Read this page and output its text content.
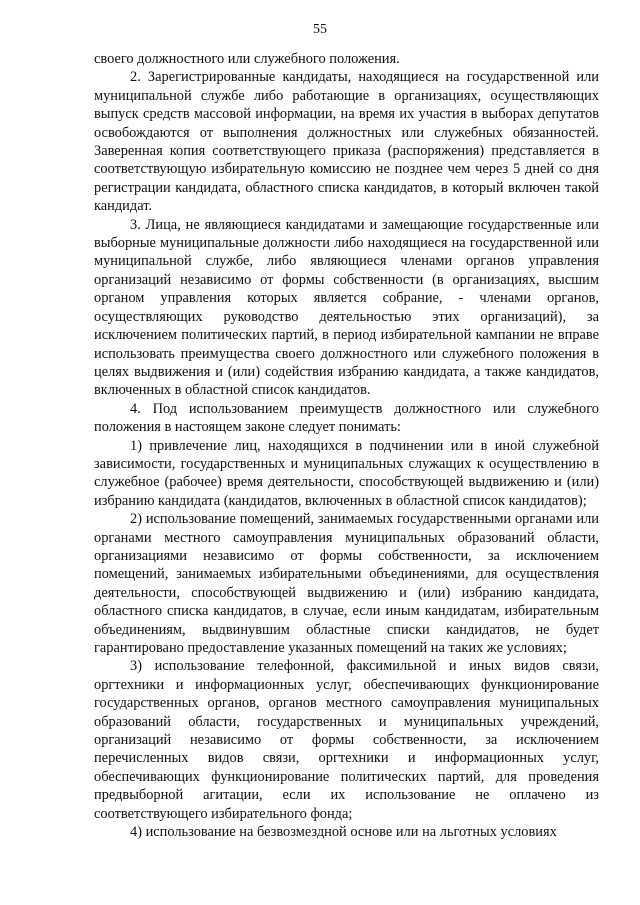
55

своего должностного или служебного положения.

2. Зарегистрированные кандидаты, находящиеся на государственной или муниципальной службе либо работающие в организациях, осуществляющих выпуск средств массовой информации, на время их участия в выборах депутатов освобождаются от выполнения должностных или служебных обязанностей. Заверенная копия соответствующего приказа (распоряжения) представляется в соответствующую избирательную комиссию не позднее чем через 5 дней со дня регистрации кандидата, областного списка кандидатов, в который включен такой кандидат.

3. Лица, не являющиеся кандидатами и замещающие государственные или выборные муниципальные должности либо находящиеся на государственной или муниципальной службе, либо являющиеся членами органов управления организаций независимо от формы собственности (в организациях, высшим органом управления которых является собрание, - членами органов, осуществляющих руководство деятельностью этих организаций), за исключением политических партий, в период избирательной кампании не вправе использовать преимущества своего должностного или служебного положения в целях выдвижения и (или) содействия избранию кандидата, а также кандидатов, включенных в областной список кандидатов.

4. Под использованием преимуществ должностного или служебного положения в настоящем законе следует понимать:

1) привлечение лиц, находящихся в подчинении или в иной служебной зависимости, государственных и муниципальных служащих к осуществлению в служебное (рабочее) время деятельности, способствующей выдвижению и (или) избранию кандидата (кандидатов, включенных в областной список кандидатов);

2) использование помещений, занимаемых государственными органами или органами местного самоуправления муниципальных образований области, организациями независимо от формы собственности, за исключением помещений, занимаемых избирательными объединениями, для осуществления деятельности, способствующей выдвижению и (или) избранию кандидата, областного списка кандидатов, в случае, если иным кандидатам, избирательным объединениям, выдвинувшим областные списки кандидатов, не будет гарантировано предоставление указанных помещений на таких же условиях;

3) использование телефонной, факсимильной и иных видов связи, оргтехники и информационных услуг, обеспечивающих функционирование государственных органов, органов местного самоуправления муниципальных образований области, государственных и муниципальных учреждений, организаций независимо от формы собственности, за исключением перечисленных видов связи, оргтехники и информационных услуг, обеспечивающих функционирование политических партий, для проведения предвыборной агитации, если их использование не оплачено из соответствующего избирательного фонда;

4) использование на безвозмездной основе или на льготных условиях
